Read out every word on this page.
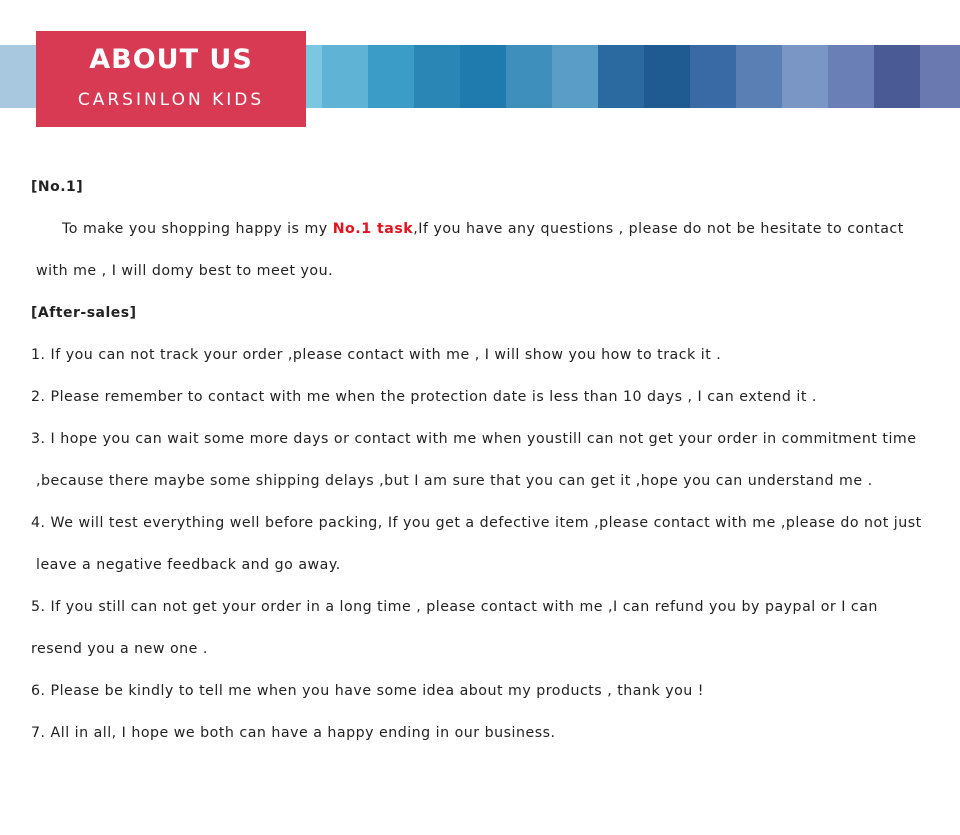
ABOUT US
CARSINLON KIDS
[No.1]
To make you shopping happy is my No.1 task,If you have any questions , please do not be hesitate to contact
with me , I will domy best to meet you.
[After-sales]
1. If you can not track your order ,please contact with me , I will show you how to track it .
2. Please remember to contact with me when the protection date is less than 10 days , I can extend it .
3. I hope you can wait some more days or contact with me when youstill can not get your order in commitment time
,because there maybe some shipping delays ,but I am sure that you can get it ,hope you can understand me .
4. We will test everything well before packing, If you get a defective item ,please contact with me ,please do not just
leave a negative feedback and go away.
5. If you still can not get your order in a long time , please contact with me ,I can refund you by paypal or I can
resend you a new one .
6. Please be kindly to tell me when you have some idea about my products , thank you !
7. All in all, I hope we both can have a happy ending in our business.
